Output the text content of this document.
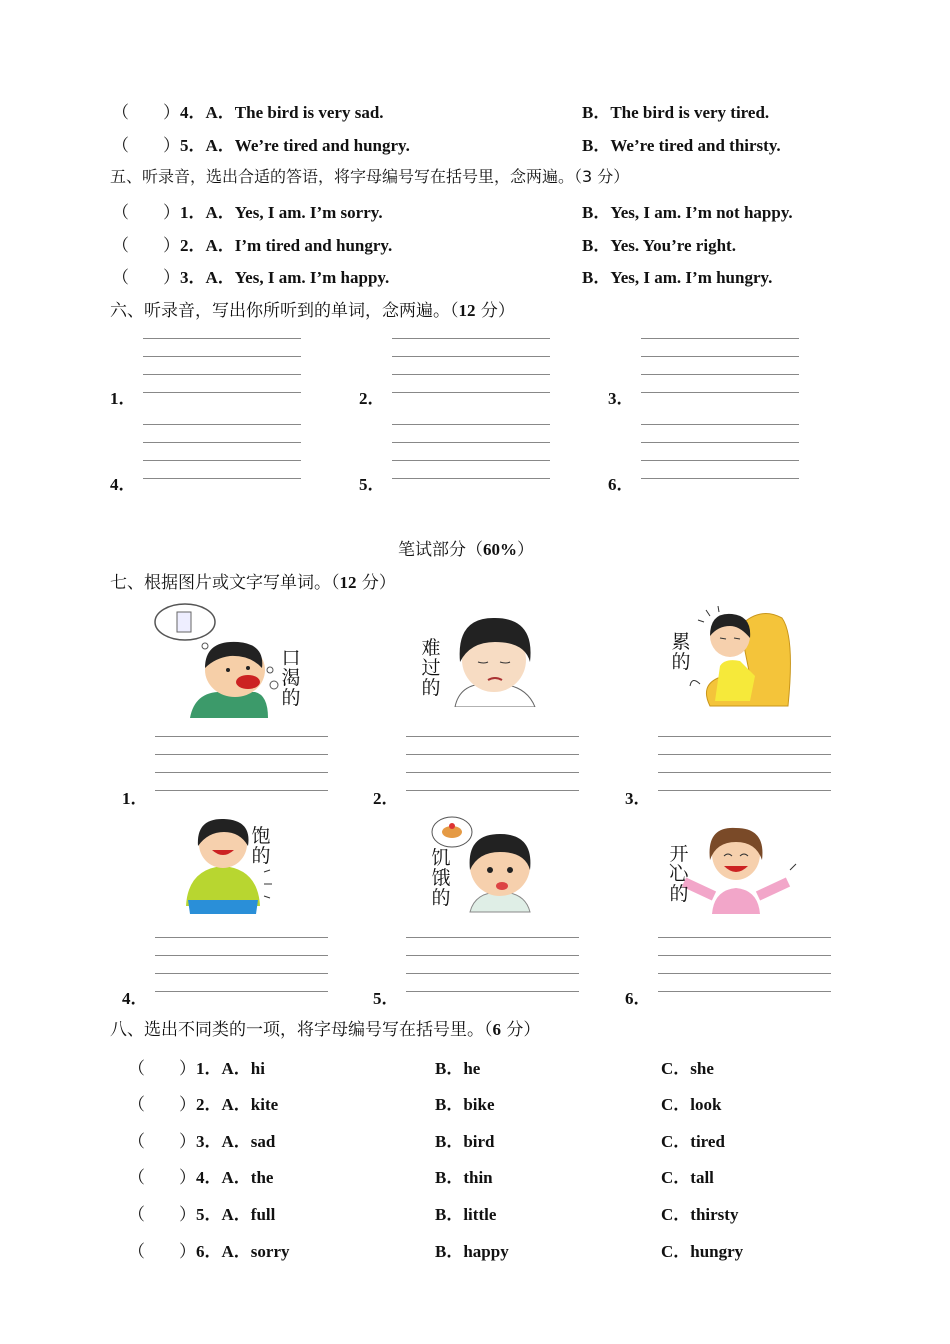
（　　）4．A．The bird is very sad.	B．The bird is very tired.
（　　）5．A．We’re tired and hungry.	B．We’re tired and thirsty.
五、听录音，选出合适的答语，将字母编号写在括号里，念两遍。（3 分）
（　　）1．A．Yes, I am. I’m sorry.	B．Yes, I am. I’m not happy.
（　　）2．A．I’m tired and hungry.	B．Yes. You’re right.
（　　）3．A．Yes, I am. I’m happy.	B．Yes, I am. I’m hungry.
六、听录音，写出你所听到的单词，念两遍。（12 分）
1．	2．	3．
4．	5．	6．
笔试部分（60%）
七、根据图片或文字写单词。（12 分）
口渴的
难过的
累的
1．	2．	3．
饱的	饥饿的
开心的
4．	5．	6．
八、选出不同类的一项，将字母编号写在括号里。（6 分）
（　　）1．A．hi	B．he	C．she
（　　）2．A．kite	B．bike	C．look
（　　）3．A．sad	B．bird	C．tired
（　　）4．A．the	B．thin	C．tall
（　　）5．A．full	B．little	C．thirsty
（　　）6．A．sorry	B．happy	C．hungry
